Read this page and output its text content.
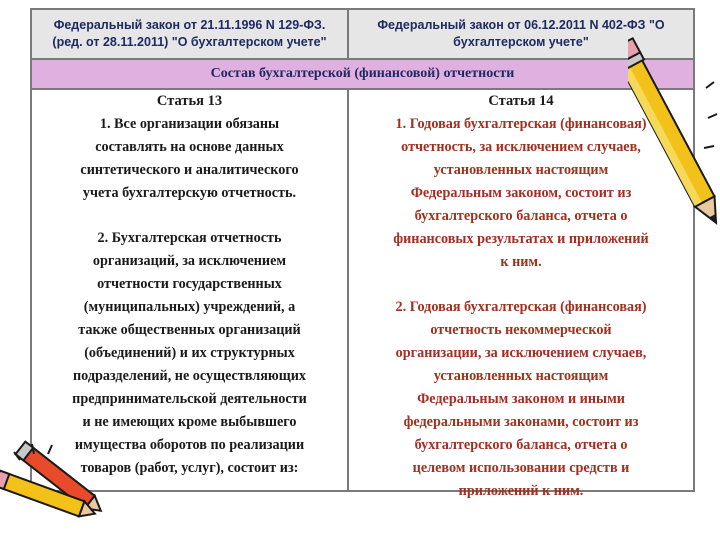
Федеральный закон от 21.11.1996 N 129-ФЗ.
(ред. от 28.11.2011) "О бухгалтерском учете"
Федеральный закон от 06.12.2011 N 402-ФЗ "О
бухгалтерском учете"
Состав бухгалтерской (финансовой) отчетности
Статья 13
1. Все организации обязаны
составлять на основе данных
синтетического и аналитического
учета бухгалтерскую отчетность.
2. Бухгалтерская отчетность
организаций, за исключением
отчетности государственных
(муниципальных) учреждений, а
также общественных организаций
(объединений) и их структурных
подразделений, не осуществляющих
предпринимательской деятельности
и не имеющих кроме выбывшего
имущества оборотов по реализации
товаров (работ, услуг), состоит из:
Статья 14
1. Годовая бухгалтерская (финансовая)
отчетность, за исключением случаев,
установленных настоящим
Федеральным законом, состоит из
бухгалтерского баланса, отчета о
финансовых результатах и приложений
к ним.
2. Годовая бухгалтерская (финансовая)
отчетность некоммерческой
организации, за исключением случаев,
установленных настоящим
Федеральным законом и иными
федеральными законами, состоит из
бухгалтерского баланса, отчета о
целевом использовании средств и
приложений к ним.
